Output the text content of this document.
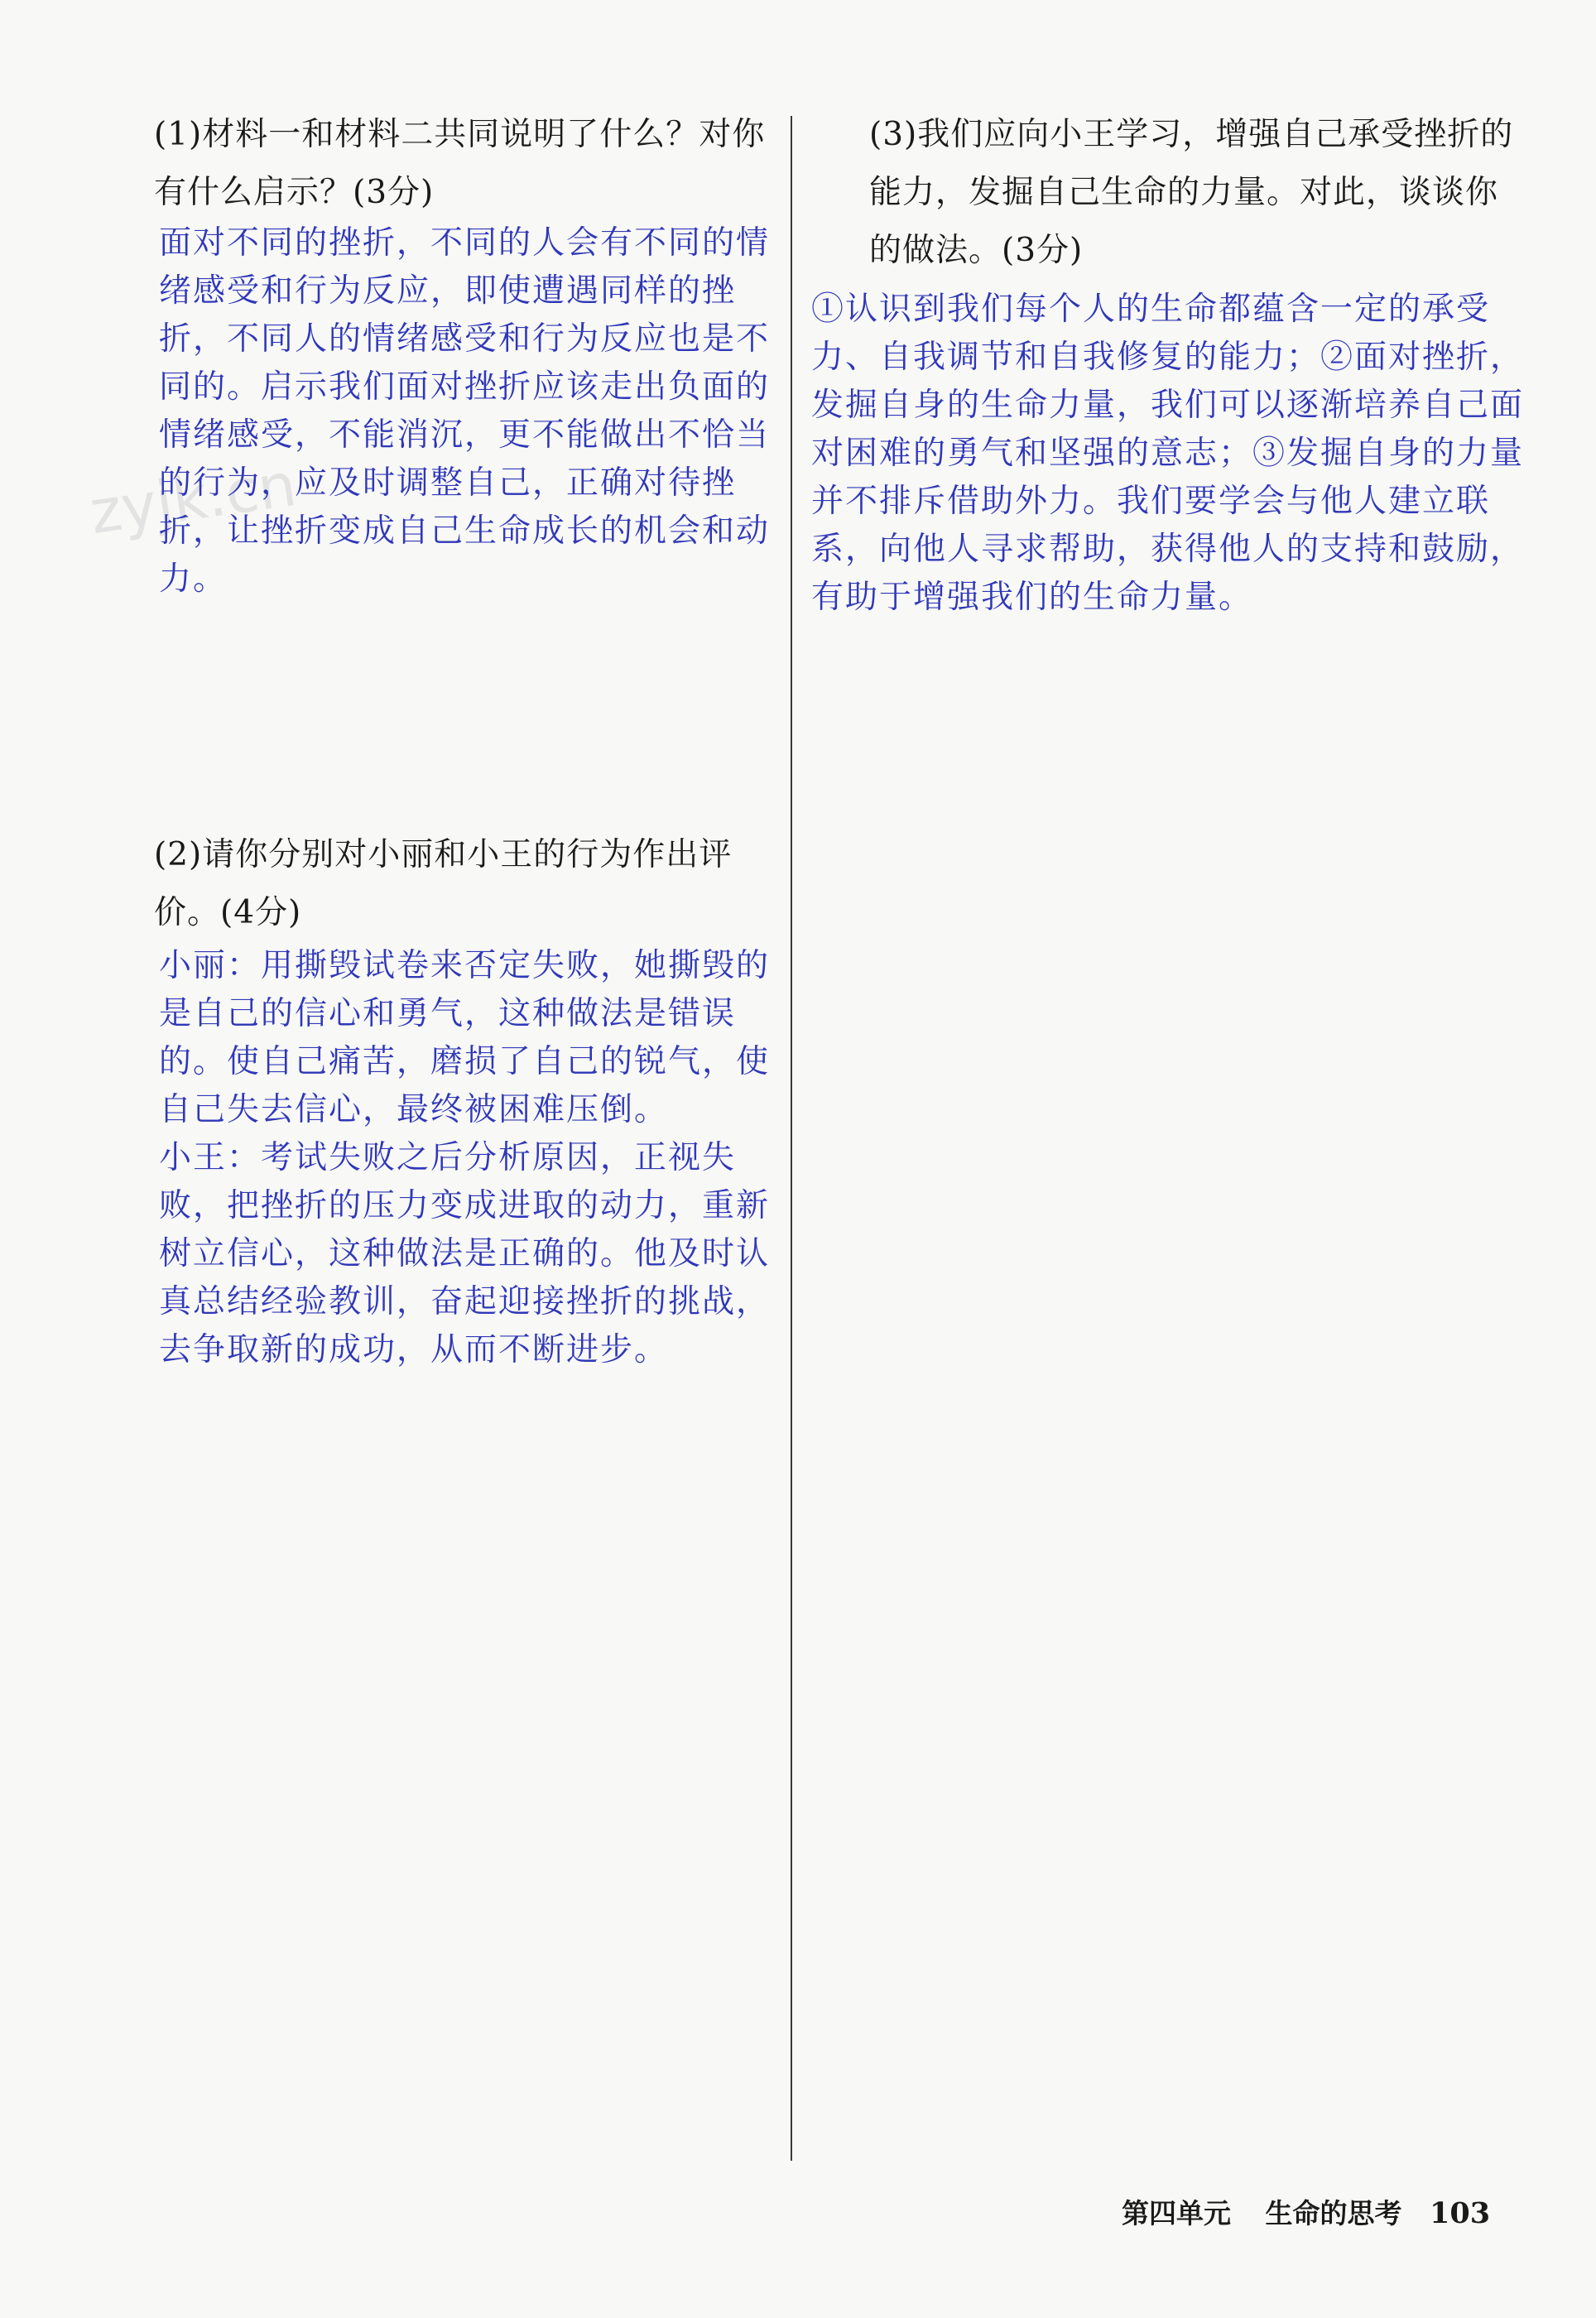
zyjk.cn
(1)材料一和材料二共同说明了什么？对你有什么启示？(3分)
面对不同的挫折，不同的人会有不同的情绪感受和行为反应，即使遭遇同样的挫折，不同人的情绪感受和行为反应也是不同的。启示我们面对挫折应该走出负面的情绪感受，不能消沉，更不能做出不恰当的行为，应及时调整自己，正确对待挫折，让挫折变成自己生命成长的机会和动力。
(2)请你分别对小丽和小王的行为作出评价。(4分)

小丽：用撕毁试卷来否定失败，她撕毁的是自己的信心和勇气，这种做法是错误的。使自己痛苦，磨损了自己的锐气，使自己失去信心，最终被困难压倒。

小王：考试失败之后分析原因，正视失败，把挫折的压力变成进取的动力，重新树立信心，这种做法是正确的。他及时认真总结经验教训，奋起迎接挫折的挑战，去争取新的成功，从而不断进步。

(3)我们应向小王学习，增强自己承受挫折的能力，发掘自己生命的力量。对此，谈谈你的做法。(3分)
①认识到我们每个人的生命都蕴含一定的承受力、自我调节和自我修复的能力；②面对挫折，发掘自身的生命力量，我们可以逐渐培养自己面对困难的勇气和坚强的意志；③发掘自身的力量并不排斥借助外力。我们要学会与他人建立联系，向他人寻求帮助，获得他人的支持和鼓励，有助于增强我们的生命力量。
第四单元 生命的思考 103
